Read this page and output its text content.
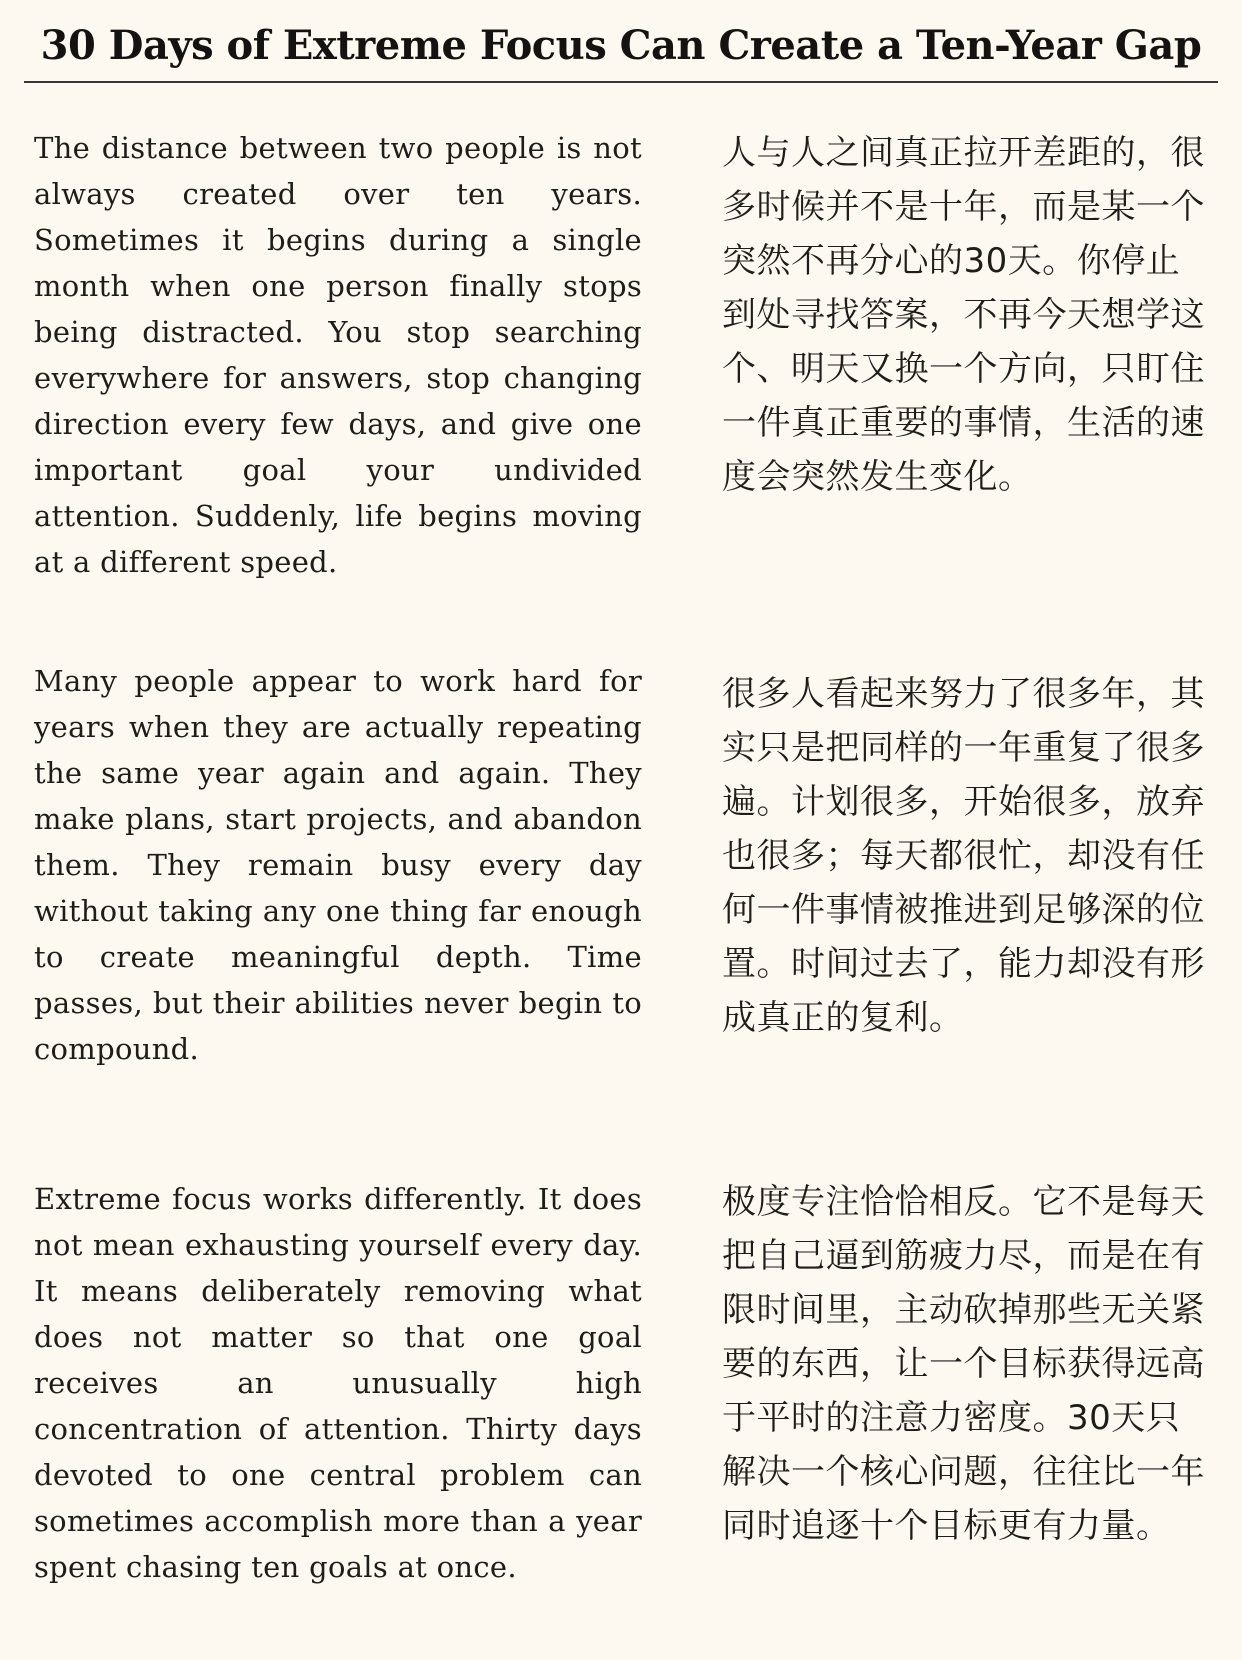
30 Days of Extreme Focus Can Create a Ten-Year Gap
The distance between two people is not always created over ten years. Sometimes it begins during a single month when one person finally stops being distracted. You stop searching everywhere for answers, stop changing direction every few days, and give one important goal your undivided attention. Suddenly, life begins moving at a different speed.
人与人之间真正拉开差距的，很多时候并不是十年，而是某一个突然不再分心的30天。你停止到处寻找答案，不再今天想学这个、明天又换一个方向，只盯住一件真正重要的事情，生活的速度会突然发生变化。
Many people appear to work hard for years when they are actually repeating the same year again and again. They make plans, start projects, and abandon them. They remain busy every day without taking any one thing far enough to create meaningful depth. Time passes, but their abilities never begin to compound.
很多人看起来努力了很多年，其实只是把同样的一年重复了很多遍。计划很多，开始很多，放弃也很多；每天都很忙，却没有任何一件事情被推进到足够深的位置。时间过去了，能力却没有形成真正的复利。
Extreme focus works differently. It does not mean exhausting yourself every day. It means deliberately removing what does not matter so that one goal receives an unusually high concentration of attention. Thirty days devoted to one central problem can sometimes accomplish more than a year spent chasing ten goals at once.
极度专注恰恰相反。它不是每天把自己逼到筋疲力尽，而是在有限时间里，主动砍掉那些无关紧要的东西，让一个目标获得远高于平时的注意力密度。30天只解决一个核心问题，往往比一年同时追逐十个目标更有力量。
